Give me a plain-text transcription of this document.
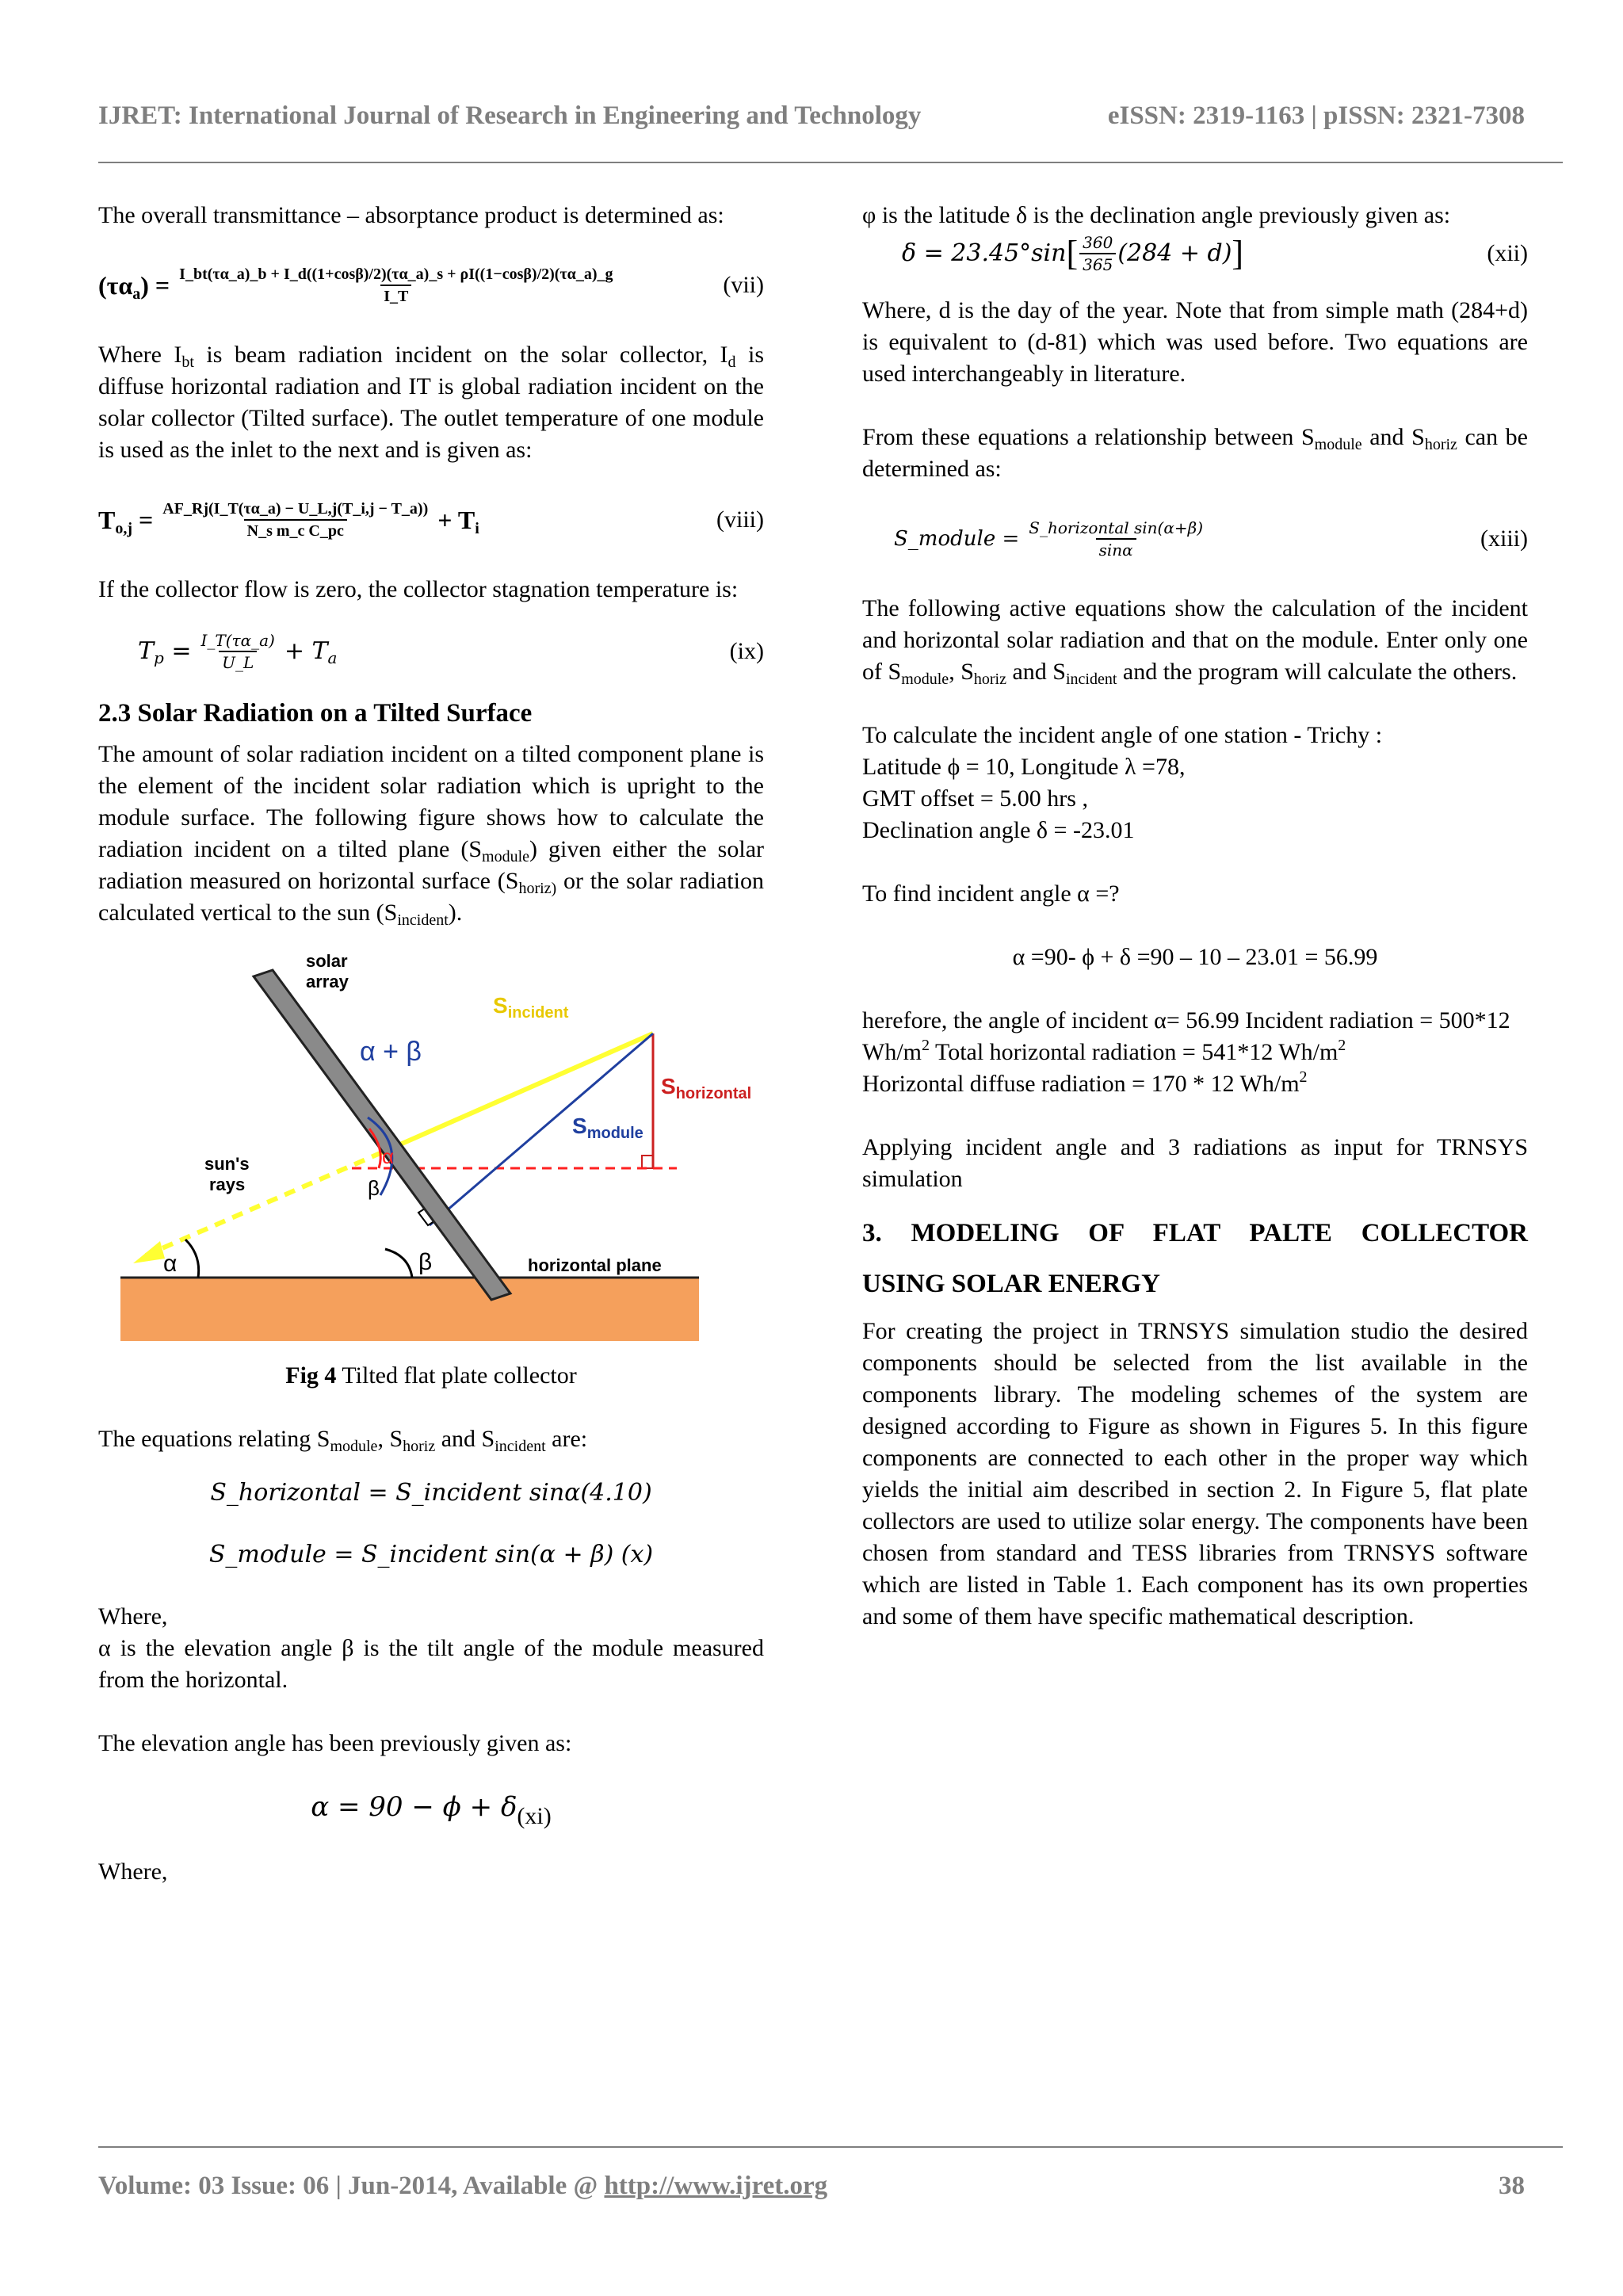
IJRET: International Journal of Research in Engineering and Technology	eISSN: 2319-1163 | pISSN: 2321-7308
The overall transmittance – absorptance product is determined as:
$(\tau\alpha_a)$ = I_bt(τα_a)_b + I_d((1+cosβ)/2)(τα_a)_s + ρI((1−cosβ)/2)(τα_a)_g
I_T	(vii)
Where $I_{bt}$ is beam radiation incident on the solar collector, $I_d$ is diffuse horizontal radiation and IT is global radiation incident on the solar collector (Tilted surface). The outlet temperature of one module is used as the inlet to the next and is given as:
$T_{o,j} = \frac{AF\_Rj(I\_T(\tau\alpha\_a) - U\_L,j(T\_i,j - T\_a))}{\text{N\_s m\_c C\_pc}} + T_i$	(viii)
If the collector flow is zero, the collector stagnation temperature is:
$T_p = \frac{I\_T(\tau\alpha\_a)}{U\_L} + T_a$	(ix)
2.3 Solar Radiation on a Tilted Surface
The amount of solar radiation incident on a tilted component plane is the element of the incident solar radiation which is upright to the module surface. The following figure shows how to calculate the radiation incident on a tilted plane $(S_{module})$ given either the solar radiation measured on horizontal surface ($S_{horiz)}$ or the solar radiation calculated vertical to the sun $(S_{incident})$.
solar
array
$S_{incident}$
α + β
$S_{horizontal}$
$S_{module}$
α
β
sun's
rays
α	β	horizontal plane
Fig 4 Tilted flat plate collector
The equations relating $S_{module}$, $S_{horiz}$ and $S_{incident}$ are:
S_horizontal = S_incident sinα(4.10)
S_module = S_incident sin(α + β) (x)
Where,
α is the elevation angle β is the tilt angle of the module measured from the horizontal.
The elevation angle has been previously given as:
α = 90 − ϕ + δ(xi)
Where,
φ is the latitude δ is the declination angle previously given as:
δ = 23.45°sin [ $\frac{360}{365} (284 + d)$ ]	(xii)
Where, d is the day of the year. Note that from simple math (284+d) is equivalent to (d-81) which was used before. Two equations are used interchangeably in literature.
From these equations a relationship between $S_{module}$ and $S_{horiz}$ can be determined as:
S_module = $\frac{\text{S\_horizontal sin(α+β)}}{\sin\alpha}$	(xiii)
The following active equations show the calculation of the incident and horizontal solar radiation and that on the module. Enter only one of $S_{module}$, $S_{horiz}$ and $S_{incident}$ and the program will calculate the others.
To calculate the incident angle of one station - Trichy :
Latitude ϕ = 10, Longitude λ =78,
GMT offset = 5.00 hrs ,
Declination angle δ = -23.01
To find incident angle α =?
α =90- ϕ + δ =90 – 10 – 23.01 = 56.99
herefore, the angle of incident α= 56.99 Incident radiation = 500*12 $Wh/m^2$ Total horizontal radiation = 541*12 $Wh/m^2$
Horizontal diffuse radiation = 170 * 12 $Wh/m^2$
Applying incident angle and 3 radiations as input for TRNSYS simulation
3. MODELING OF FLAT PALTE COLLECTOR
USING SOLAR ENERGY
For creating the project in TRNSYS simulation studio the desired components should be selected from the list available in the components library. The modeling schemes of the system are designed according to Figure as shown in Figures 5. In this figure components are connected to each other in the proper way which yields the initial aim described in section 2. In Figure 5, flat plate collectors are used to utilize solar energy. The components have been chosen from standard and TESS libraries from TRNSYS software which are listed in Table 1. Each component has its own properties and some of them have specific mathematical description.
Volume: 03 Issue: 06 | Jun-2014, Available @ http://www.ijret.org	38
